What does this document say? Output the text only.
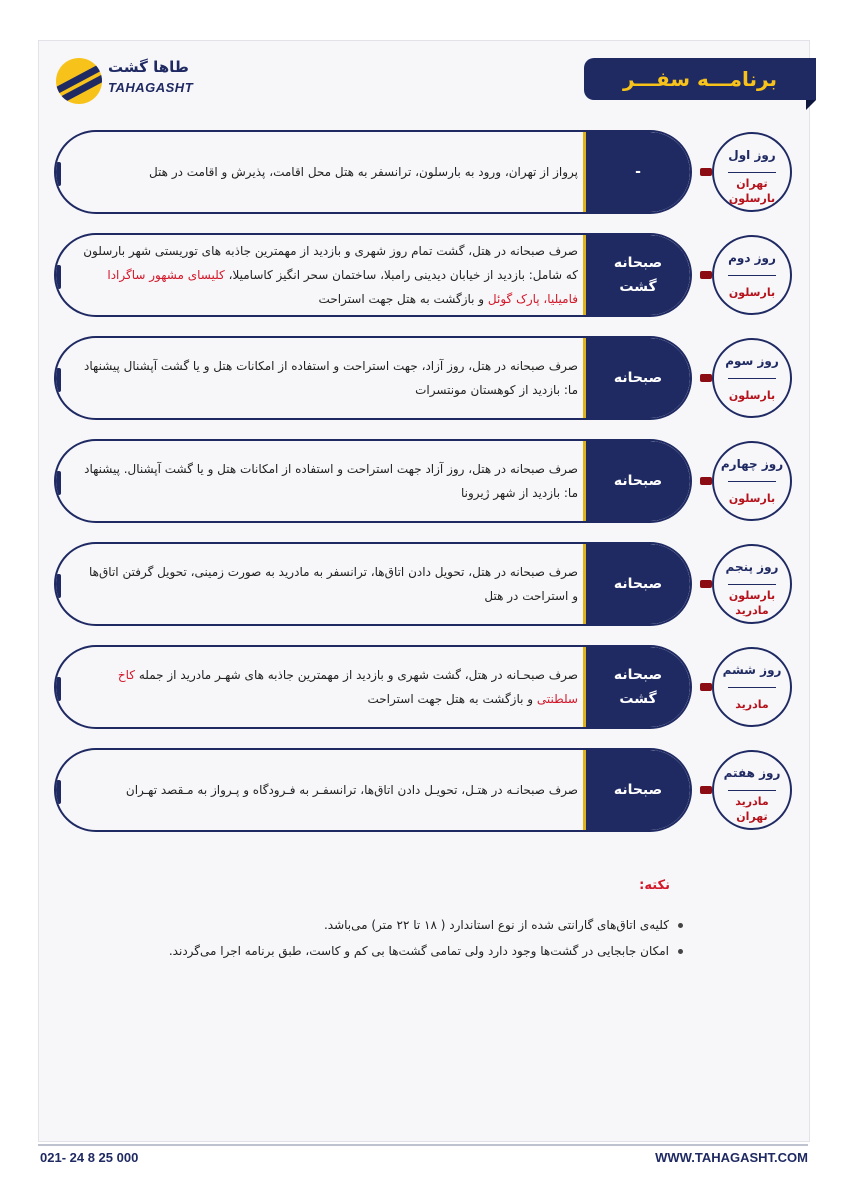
طاها گشت
TAHAGASHT	برنامـــه سفـــر
روز اول
تهران
بارسلون
-
پرواز از تهران، ورود به بارسلون، ترانسفر به هتل محل اقامت، پذیرش و اقامت در هتل
روز دوم
بارسلون
صبحانه
گشت
صرف صبحانه در هتل، گشت تمام روز شهری و بازدید از مهمترین جاذبه های توریستی شهر بارسلون که شامل: بازدید از خیابان دیدینی رامبلا، ساختمان سحر انگیز کاسامیلا، کلیسای مشهور ساگرادا فامیلیا، پارک گوئل و بازگشت به هتل جهت استراحت
روز سوم
بارسلون
صبحانه
صرف صبحانه در هتل، روز آزاد، جهت استراحت و استفاده از امکانات هتل و یا گشت آپشنال پیشنهاد ما: بازدید از کوهستان مونتسرات
روز چهارم
بارسلون
صبحانه
صرف صبحانه در هتل، روز آزاد جهت استراحت و استفاده از امکانات هتل و یا گشت آپشنال. پیشنهاد ما: بازدید از شهر ژیرونا
روز پنجم
بارسلون
مادرید
صبحانه
صرف صبحانه در هتل، تحویل دادن اتاق‌ها، ترانسفر به مادرید به صورت زمینی، تحویل گرفتن اتاق‌ها و استراحت در هتل
روز ششم
مادرید
صبحانه
گشت
صرف صبحـانه در هتل، گشت شهری و بازدید از مهمترین جاذبه های شهـر مادرید از جمله کاخ سلطنتی و بازگشت به هتل جهت استراحت
روز هفتم
مادرید
تهران
صبحانه
صرف صبحانـه در هتـل، تحویـل دادن اتاق‌ها، ترانسفـر به فـرودگاه و پـرواز به مـقصد تهـران
نکته:
کلیه‌ی اتاق‌های گارانتی شده از نوع استاندارد ( ۱۸ تا ۲۲ متر) می‌باشد.
امکان جابجایی در گشت‌ها وجود دارد ولی تمامی گشت‌ها بی کم و کاست، طبق برنامه اجرا می‌گردند.
021- 24 8 25 000	WWW.TAHAGASHT.COM
